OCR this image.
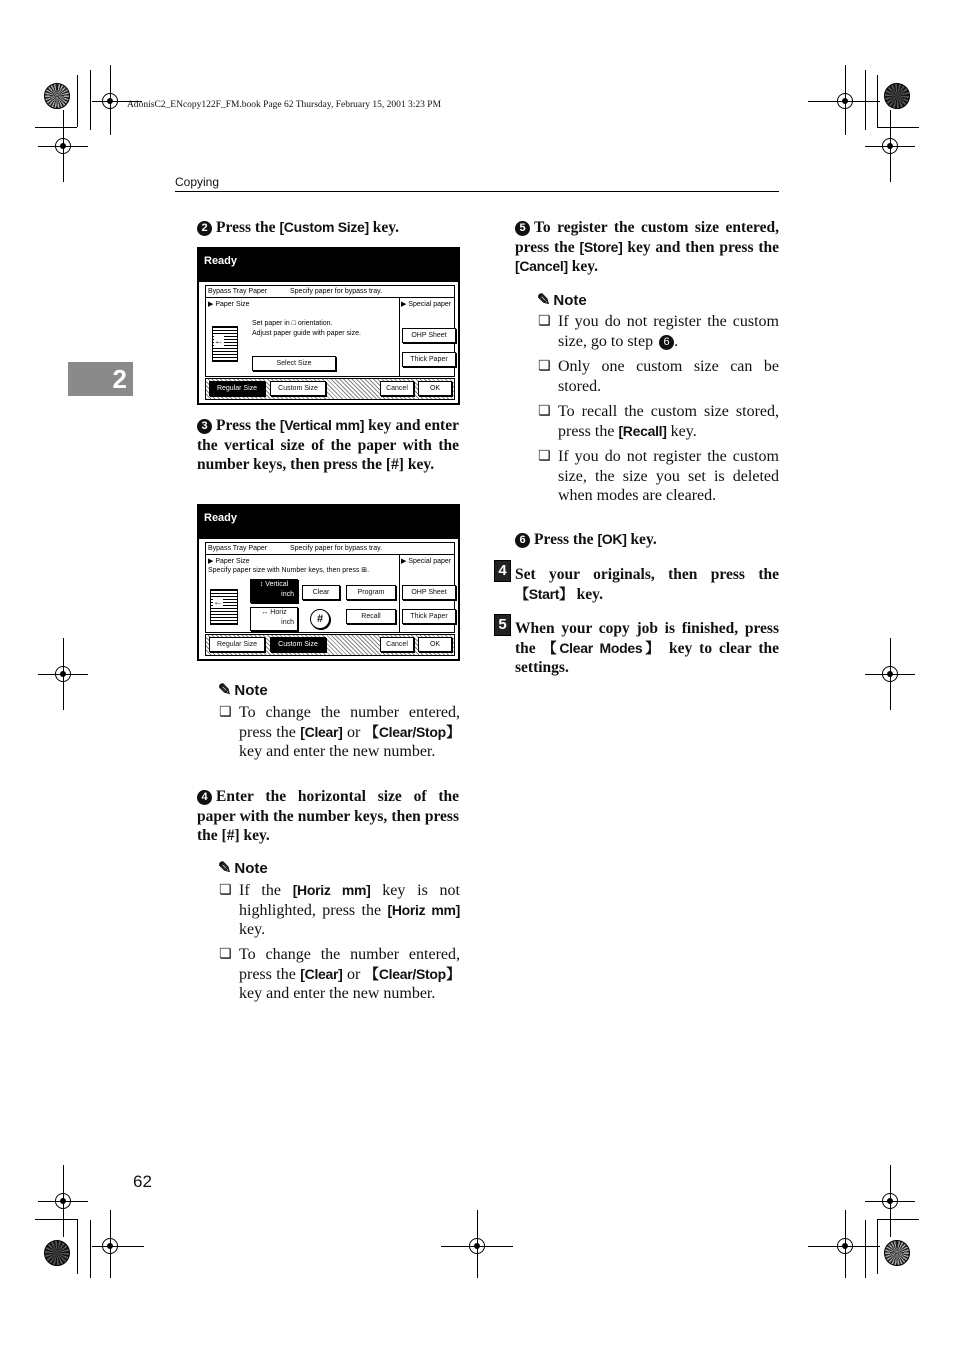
AdonisC2_ENcopy122F_FM.book Page 62 Thursday, February 15, 2001 3:23 PM
Copying
2
2 Press the [Custom Size] key.
Ready
Bypass Tray Paper	Specify paper for bypass tray.
▶ Paper Size	▶ Special paper
←
Set paper in □ orientation.
Adjust paper guide with paper size.
Select Size
OHP Sheet
Thick Paper
Regular Size	Custom Size	Cancel	OK
3 Press the [Vertical mm] key and enter the vertical size of the paper with the number keys, then press the [#] key.
Ready
Bypass Tray Paper	Specify paper for bypass tray.
▶ Paper Size
Specify paper size with Number keys, then press ⊞.
▶ Special paper
←
↕ Vertical
inch
↔ Horiz
inch
Clear	Program
#	Recall
OHP Sheet
Thick Paper
Regular Size	Custom Size	Cancel	OK
✎ Note
❏ To change the number entered, press the [Clear] or 【Clear/Stop】 key and enter the new number.
4 Enter the horizontal size of the paper with the number keys, then press the [#] key.
✎ Note
❏ If the [Horiz mm] key is not highlighted, press the [Horiz mm] key.
❏ To change the number entered, press the [Clear] or 【Clear/Stop】 key and enter the new number.
5 To register the custom size entered, press the [Store] key and then press the [Cancel] key.
✎ Note
❏ If you do not register the custom size, go to step 6 .
❏ Only one custom size can be stored.
❏ To recall the custom size stored, press the [Recall] key.
❏ If you do not register the custom size, the size you set is deleted when modes are cleared.
6 Press the [OK] key.
4 Set your originals, then press the 【Start】 key.
5 When your copy job is finished, press the 【Clear Modes】 key to clear the settings.
62
